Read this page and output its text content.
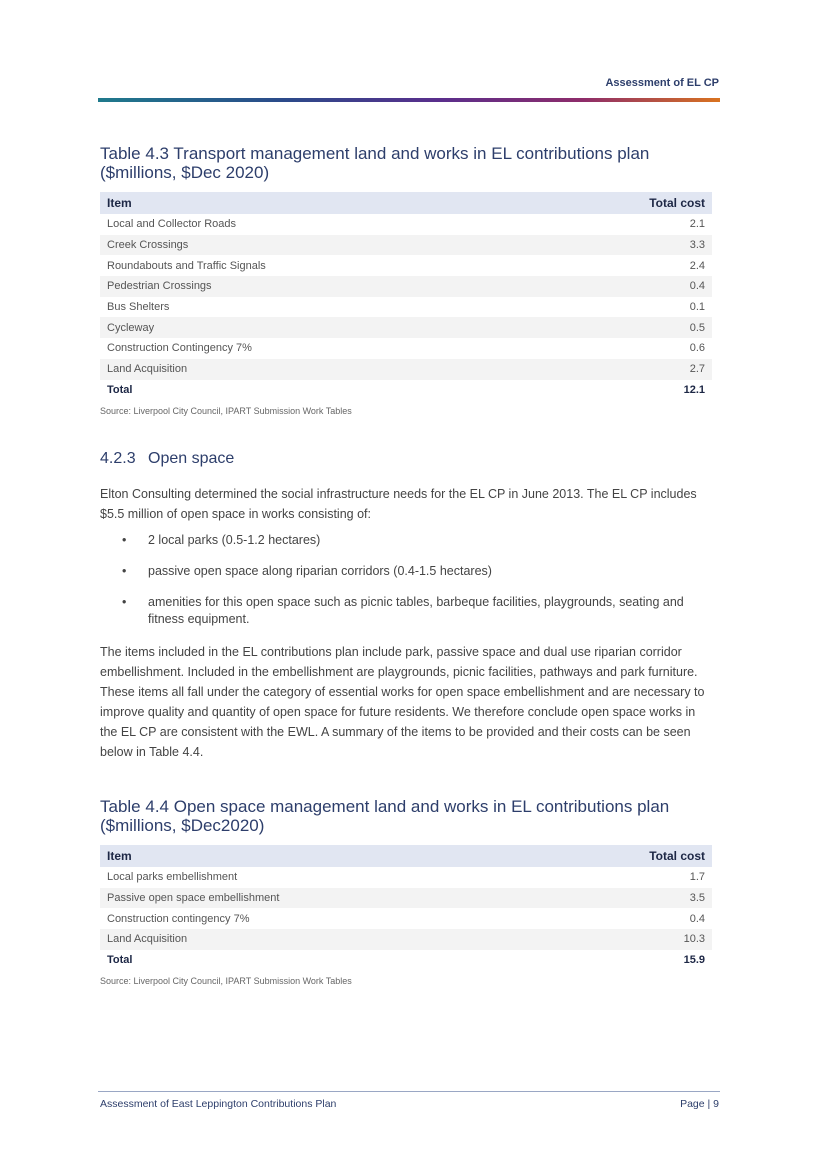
Assessment of EL CP
Table 4.3 Transport management land and works in EL contributions plan ($millions, $Dec 2020)
Item	Total cost
Local and Collector Roads	2.1
Creek Crossings	3.3
Roundabouts and Traffic Signals	2.4
Pedestrian Crossings	0.4
Bus Shelters	0.1
Cycleway	0.5
Construction Contingency 7%	0.6
Land Acquisition	2.7
Total	12.1
Source: Liverpool City Council, IPART Submission Work Tables
4.2.3 Open space

Elton Consulting determined the social infrastructure needs for the EL CP in June 2013. The EL CP includes $5.5 million of open space in works consisting of:

• 2 local parks (0.5-1.2 hectares)
• passive open space along riparian corridors (0.4-1.5 hectares)
• amenities for this open space such as picnic tables, barbeque facilities, playgrounds, seating and fitness equipment.

The items included in the EL contributions plan include park, passive space and dual use riparian corridor embellishment. Included in the embellishment are playgrounds, picnic facilities, pathways and park furniture. These items all fall under the category of essential works for open space embellishment and are necessary to improve quality and quantity of open space for future residents. We therefore conclude open space works in the EL CP are consistent with the EWL. A summary of the items to be provided and their costs can be seen below in Table 4.4.

Table 4.4 Open space management land and works in EL contributions plan ($millions, $Dec2020)
Item	Total cost
Local parks embellishment	1.7
Passive open space embellishment	3.5
Construction contingency 7%	0.4
Land Acquisition	10.3
Total	15.9
Source: Liverpool City Council, IPART Submission Work Tables
Assessment of East Leppington Contributions Plan	Page | 9
